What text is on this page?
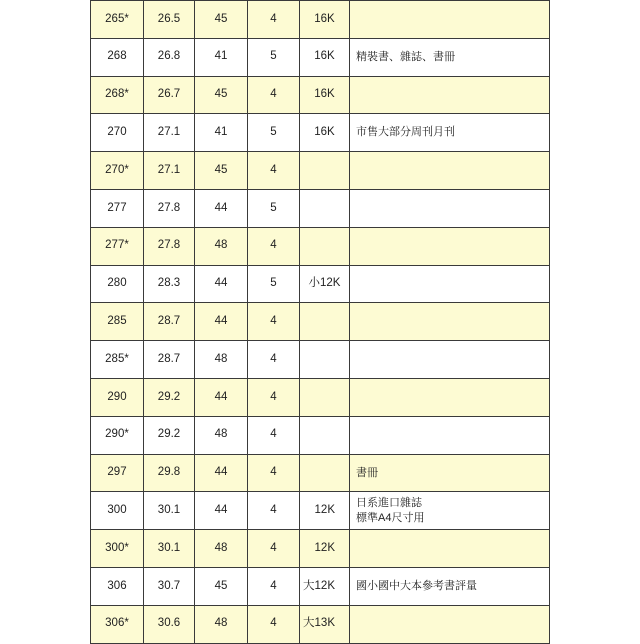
265*	26.5	45	4	16K	
268	26.8	41	5	16K	精裝書、雜誌、書冊

268*	26.7	45	4	16K	
270	27.1	41	5	16K	市售大部分周刊月刊

270*	27.1	45	4		
277	27.8	44	5		
277*	27.8	48	4		
280	28.3	44	5	小12K	
285	28.7	44	4		
285*	28.7	48	4		
290	29.2	44	4		
290*	29.2	48	4		
297	29.8	44	4		書冊

300	30.1	44	4	12K	日系進口雜誌
標準A4尺寸用

300*	30.1	48	4	12K	
306	30.7	45	4	大12K	國小國中大本參考書評量

306*	30.6	48	4	大13K	
